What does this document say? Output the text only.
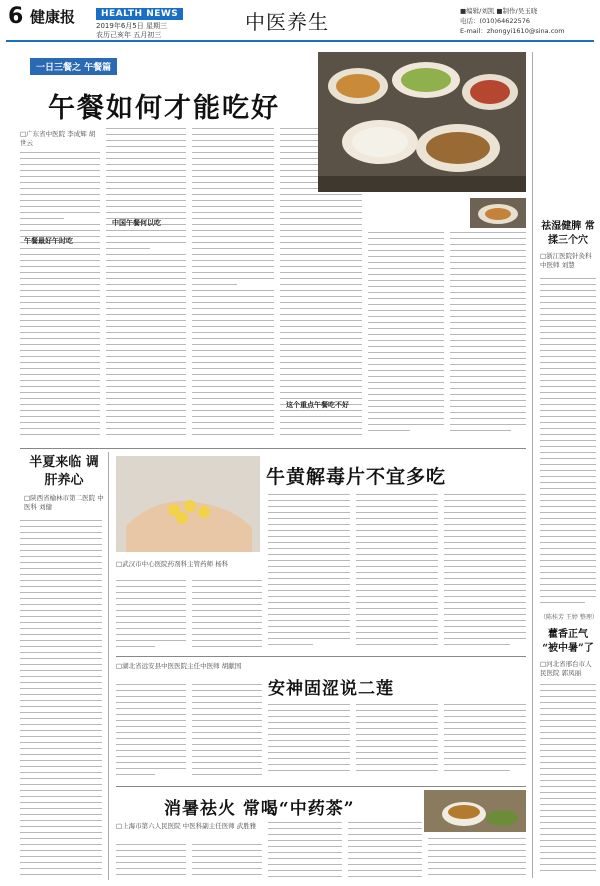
6 健康报	HEALTH NEWS
2019年6月5日 星期三
农历己亥年 五月初三
中医养生	■编辑/刘凯 ■制作/吴玉晓
电话：(010)64622576
E-mail：zhongyi1610@sina.com
一日三餐之 午餐篇
午餐如何才能吃好
□广东省中医院 李成辉 胡世云
午餐最好午时吃
中国午餐何以吃
这个重点午餐吃不好
祛湿健脾 常揉三个穴
□浙江医院针灸科中医师 刘慧
（陈桂芳 王婷 整理）
藿香正气 “被中暑”了
□河北省邢台市人民医院 郭凤丽
半夏来临 调肝养心
□陕西省榆林市第二医院 中医科 刘健
牛黄解毒片不宜多吃
□武汉市中心医院药剂科主管药师 杨科
□湖北省远安县中医医院主任中医师 胡献国
安神固涩说二莲
消暑祛火 常喝“中药茶”
□上海市第六人民医院 中医科副主任医师 武胜雅
